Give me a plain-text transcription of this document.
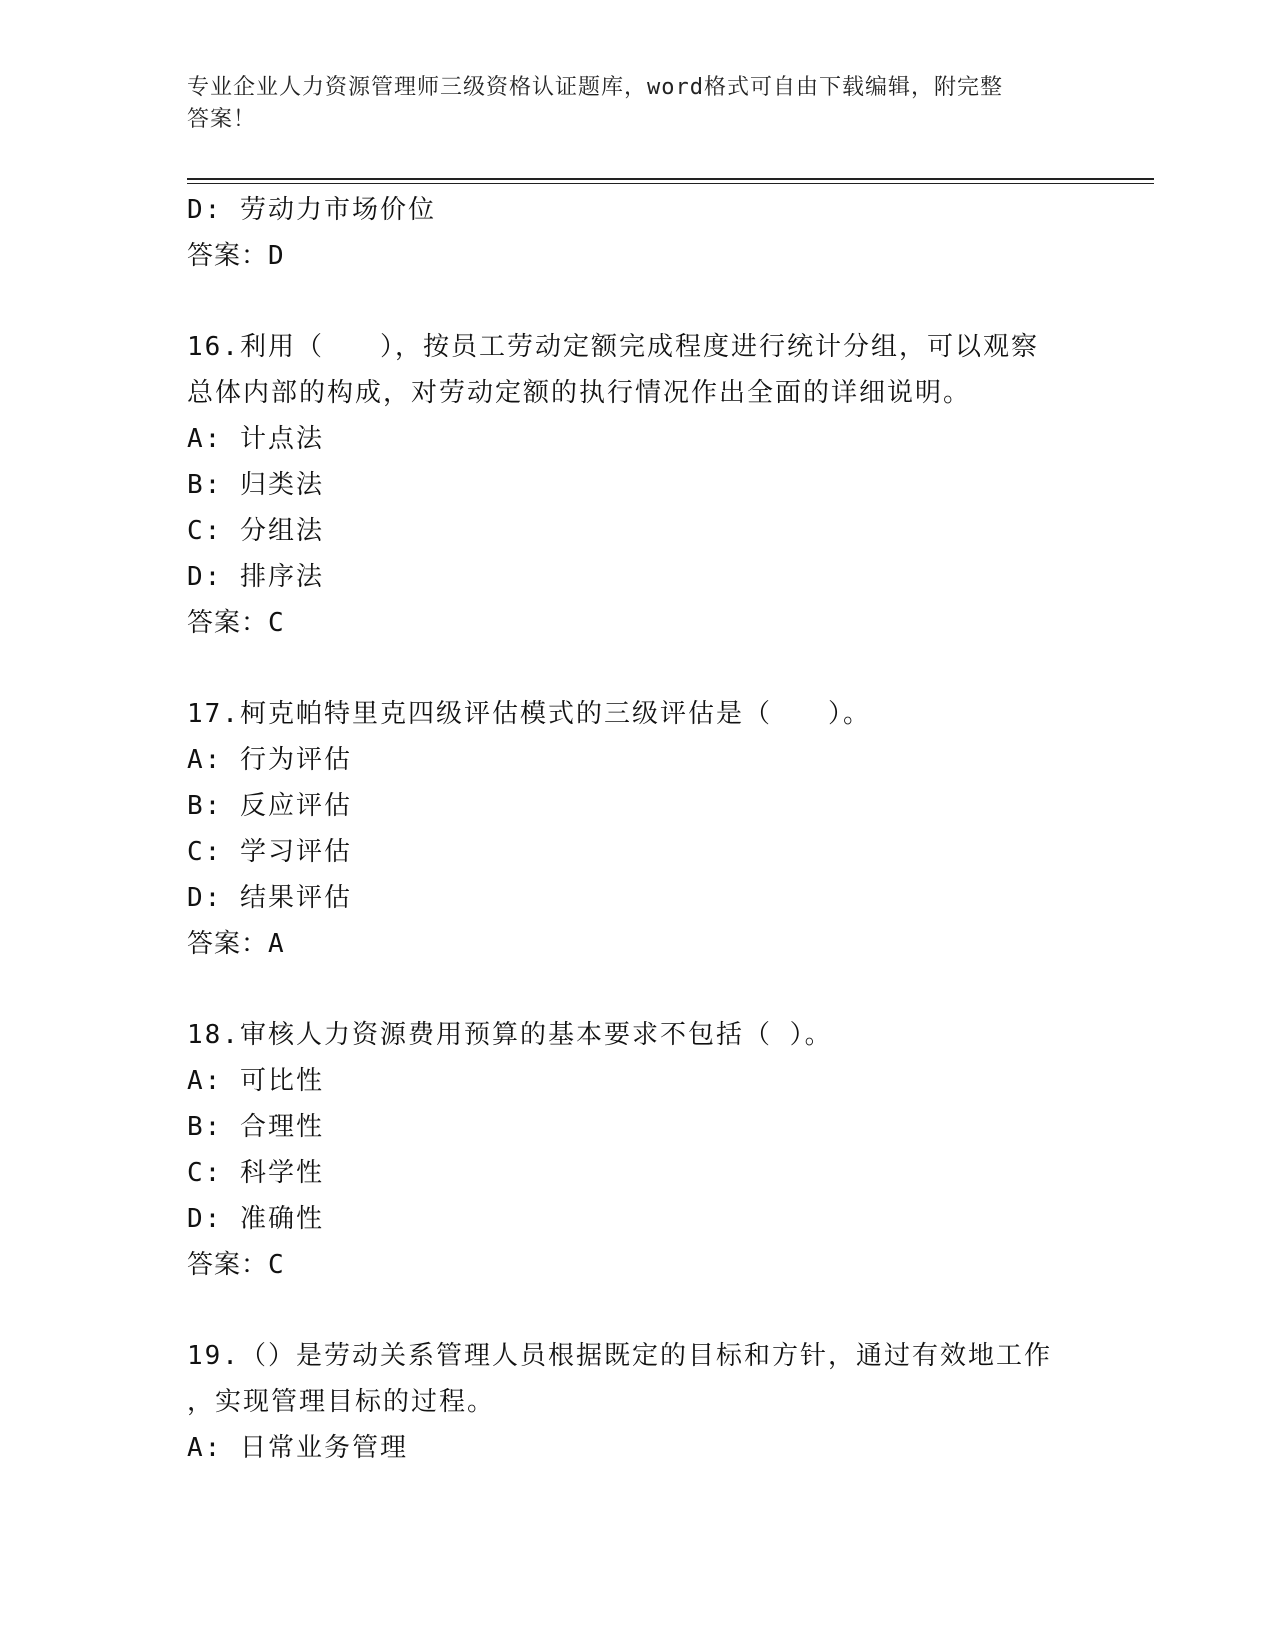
专业企业人力资源管理师三级资格认证题库，word格式可自由下载编辑，附完整
答案！
D: 劳动力市场价位
答案：D
16.利用（　　），按员工劳动定额完成程度进行统计分组，可以观察
总体内部的构成，对劳动定额的执行情况作出全面的详细说明。
A: 计点法
B: 归类法
C: 分组法
D: 排序法
答案：C
17.柯克帕特里克四级评估模式的三级评估是（　　）。
A: 行为评估
B: 反应评估
C: 学习评估
D: 结果评估
答案：A
18.审核人力资源费用预算的基本要求不包括（ ）。
A: 可比性
B: 合理性
C: 科学性
D: 准确性
答案：C
19.（）是劳动关系管理人员根据既定的目标和方针，通过有效地工作
，实现管理目标的过程。
A: 日常业务管理
